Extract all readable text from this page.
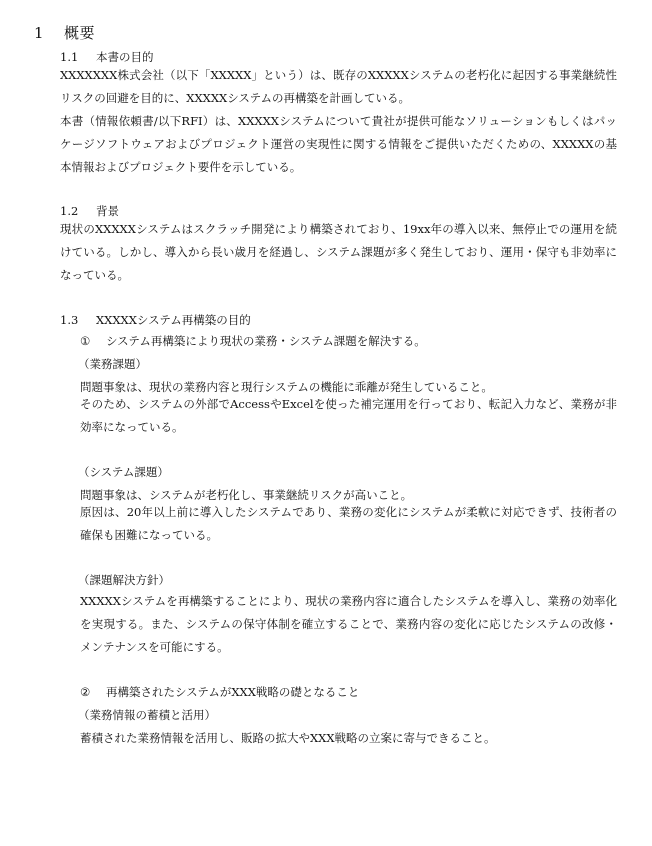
1 概要
1.1 本書の目的

XXXXXXX株式会社（以下「XXXXX」という）は、既存のXXXXXシステムの老朽化に起因する事業継続性リスクの回避を目的に、XXXXXシステムの再構築を計画している。

本書（情報依頼書/以下RFI）は、XXXXXシステムについて貴社が提供可能なソリューションもしくはパッケージソフトウェアおよびプロジェクト運営の実現性に関する情報をご提供いただくための、XXXXXの基本情報およびプロジェクト要件を示している。

1.2 背景

現状のXXXXXシステムはスクラッチ開発により構築されており、19xx年の導入以来、無停止での運用を続けている。しかし、導入から長い歳月を経過し、システム課題が多く発生しており、運用・保守も非効率になっている。

1.3 XXXXXシステム再構築の目的
① システム再構築により現状の業務・システム課題を解決する。
（業務課題）
問題事象は、現状の業務内容と現行システムの機能に乖離が発生していること。

そのため、システムの外部でAccessやExcelを使った補完運用を行っており、転記入力など、業務が非効率になっている。

（システム課題）
問題事象は、システムが老朽化し、事業継続リスクが高いこと。

原因は、20年以上前に導入したシステムであり、業務の変化にシステムが柔軟に対応できず、技術者の確保も困難になっている。

（課題解決方針）

XXXXXシステムを再構築することにより、現状の業務内容に適合したシステムを導入し、業務の効率化を実現する。また、システムの保守体制を確立することで、業務内容の変化に応じたシステムの改修・メンテナンスを可能にする。

② 再構築されたシステムがXXX戦略の礎となること
（業務情報の蓄積と活用）
蓄積された業務情報を活用し、販路の拡大やXXX戦略の立案に寄与できること。
